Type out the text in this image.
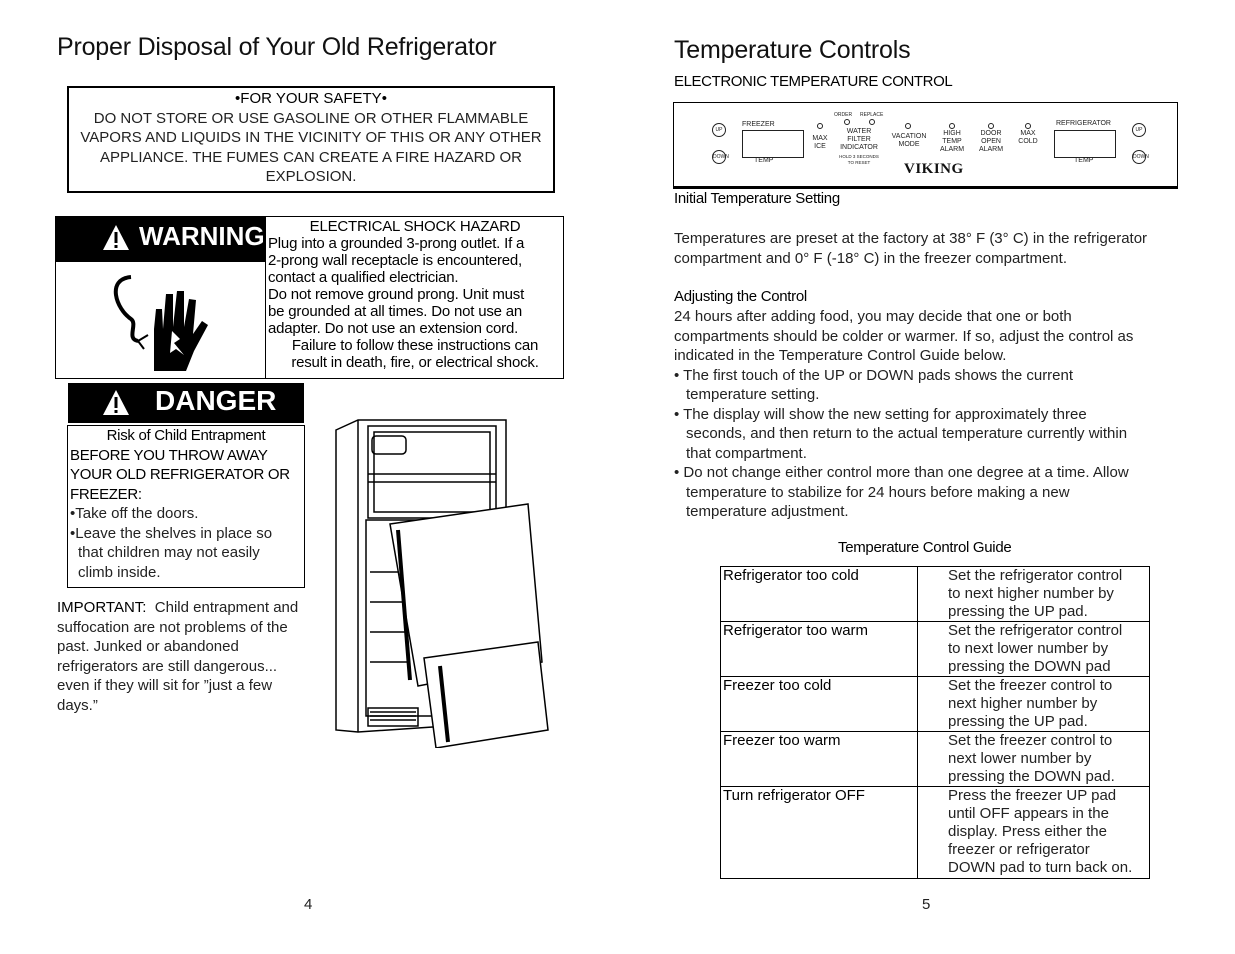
Proper Disposal of Your Old Refrigerator
•FOR YOUR SAFETY•
DO NOT STORE OR USE GASOLINE OR OTHER FLAMMABLE
VAPORS AND LIQUIDS IN THE VICINITY OF THIS OR ANY OTHER
APPLIANCE. THE FUMES CAN CREATE A FIRE HAZARD OR
EXPLOSION.
WARNING	ELECTRICAL SHOCK HAZARD
Plug into a grounded 3-prong outlet. If a
2-prong wall receptacle is encountered,
contact a qualified electrician.
Do not remove ground prong. Unit must
be grounded at all times. Do not use an
adapter. Do not use an extension cord.
Failure to follow these instructions can
result in death, fire, or electrical shock.
DANGER
Risk of Child Entrapment
BEFORE YOU THROW AWAY
YOUR OLD REFRIGERATOR OR
FREEZER:
•Take off the doors.
•Leave the shelves in place so
that children may not easily
climb inside.
IMPORTANT: Child entrapment and
suffocation are not problems of the
past. Junked or abandoned
refrigerators are still dangerous...
even if they will sit for ”just a few
days.”
4
Temperature Controls
ELECTRONIC TEMPERATURE CONTROL
UP
DOWN
FREEZER
TEMP
MAX
ICE
ORDER REPLACE
WATER
FILTER
INDICATOR
HOLD 3 SECONDS
TO RESET
VACATION
MODE
HIGH
TEMP
ALARM
DOOR
OPEN
ALARM
MAX
COLD
REFRIGERATOR
TEMP
UP
DOWN
VIKING
Initial Temperature Setting
Temperatures are preset at the factory at 38° F (3° C) in the refrigerator
compartment and 0° F (-18° C) in the freezer compartment.
Adjusting the Control
24 hours after adding food, you may decide that one or both
compartments should be colder or warmer. If so, adjust the control as
indicated in the Temperature Control Guide below.
• The first touch of the UP or DOWN pads shows the current
temperature setting.
• The display will show the new setting for approximately three
seconds, and then return to the actual temperature currently within
that compartment.
• Do not change either control more than one degree at a time. Allow
temperature to stabilize for 24 hours before making a new
temperature adjustment.
Temperature Control Guide
Refrigerator too cold	Set the refrigerator control
to next higher number by
pressing the UP pad.

Refrigerator too warm	Set the refrigerator control
to next lower number by
pressing the DOWN pad

Freezer too cold	Set the freezer control to
next higher number by
pressing the UP pad.

Freezer too warm	Set the freezer control to
next lower number by
pressing the DOWN pad.

Turn refrigerator OFF	Press the freezer UP pad
until OFF appears in the
display. Press either the
freezer or refrigerator
DOWN pad to turn back on.
5
